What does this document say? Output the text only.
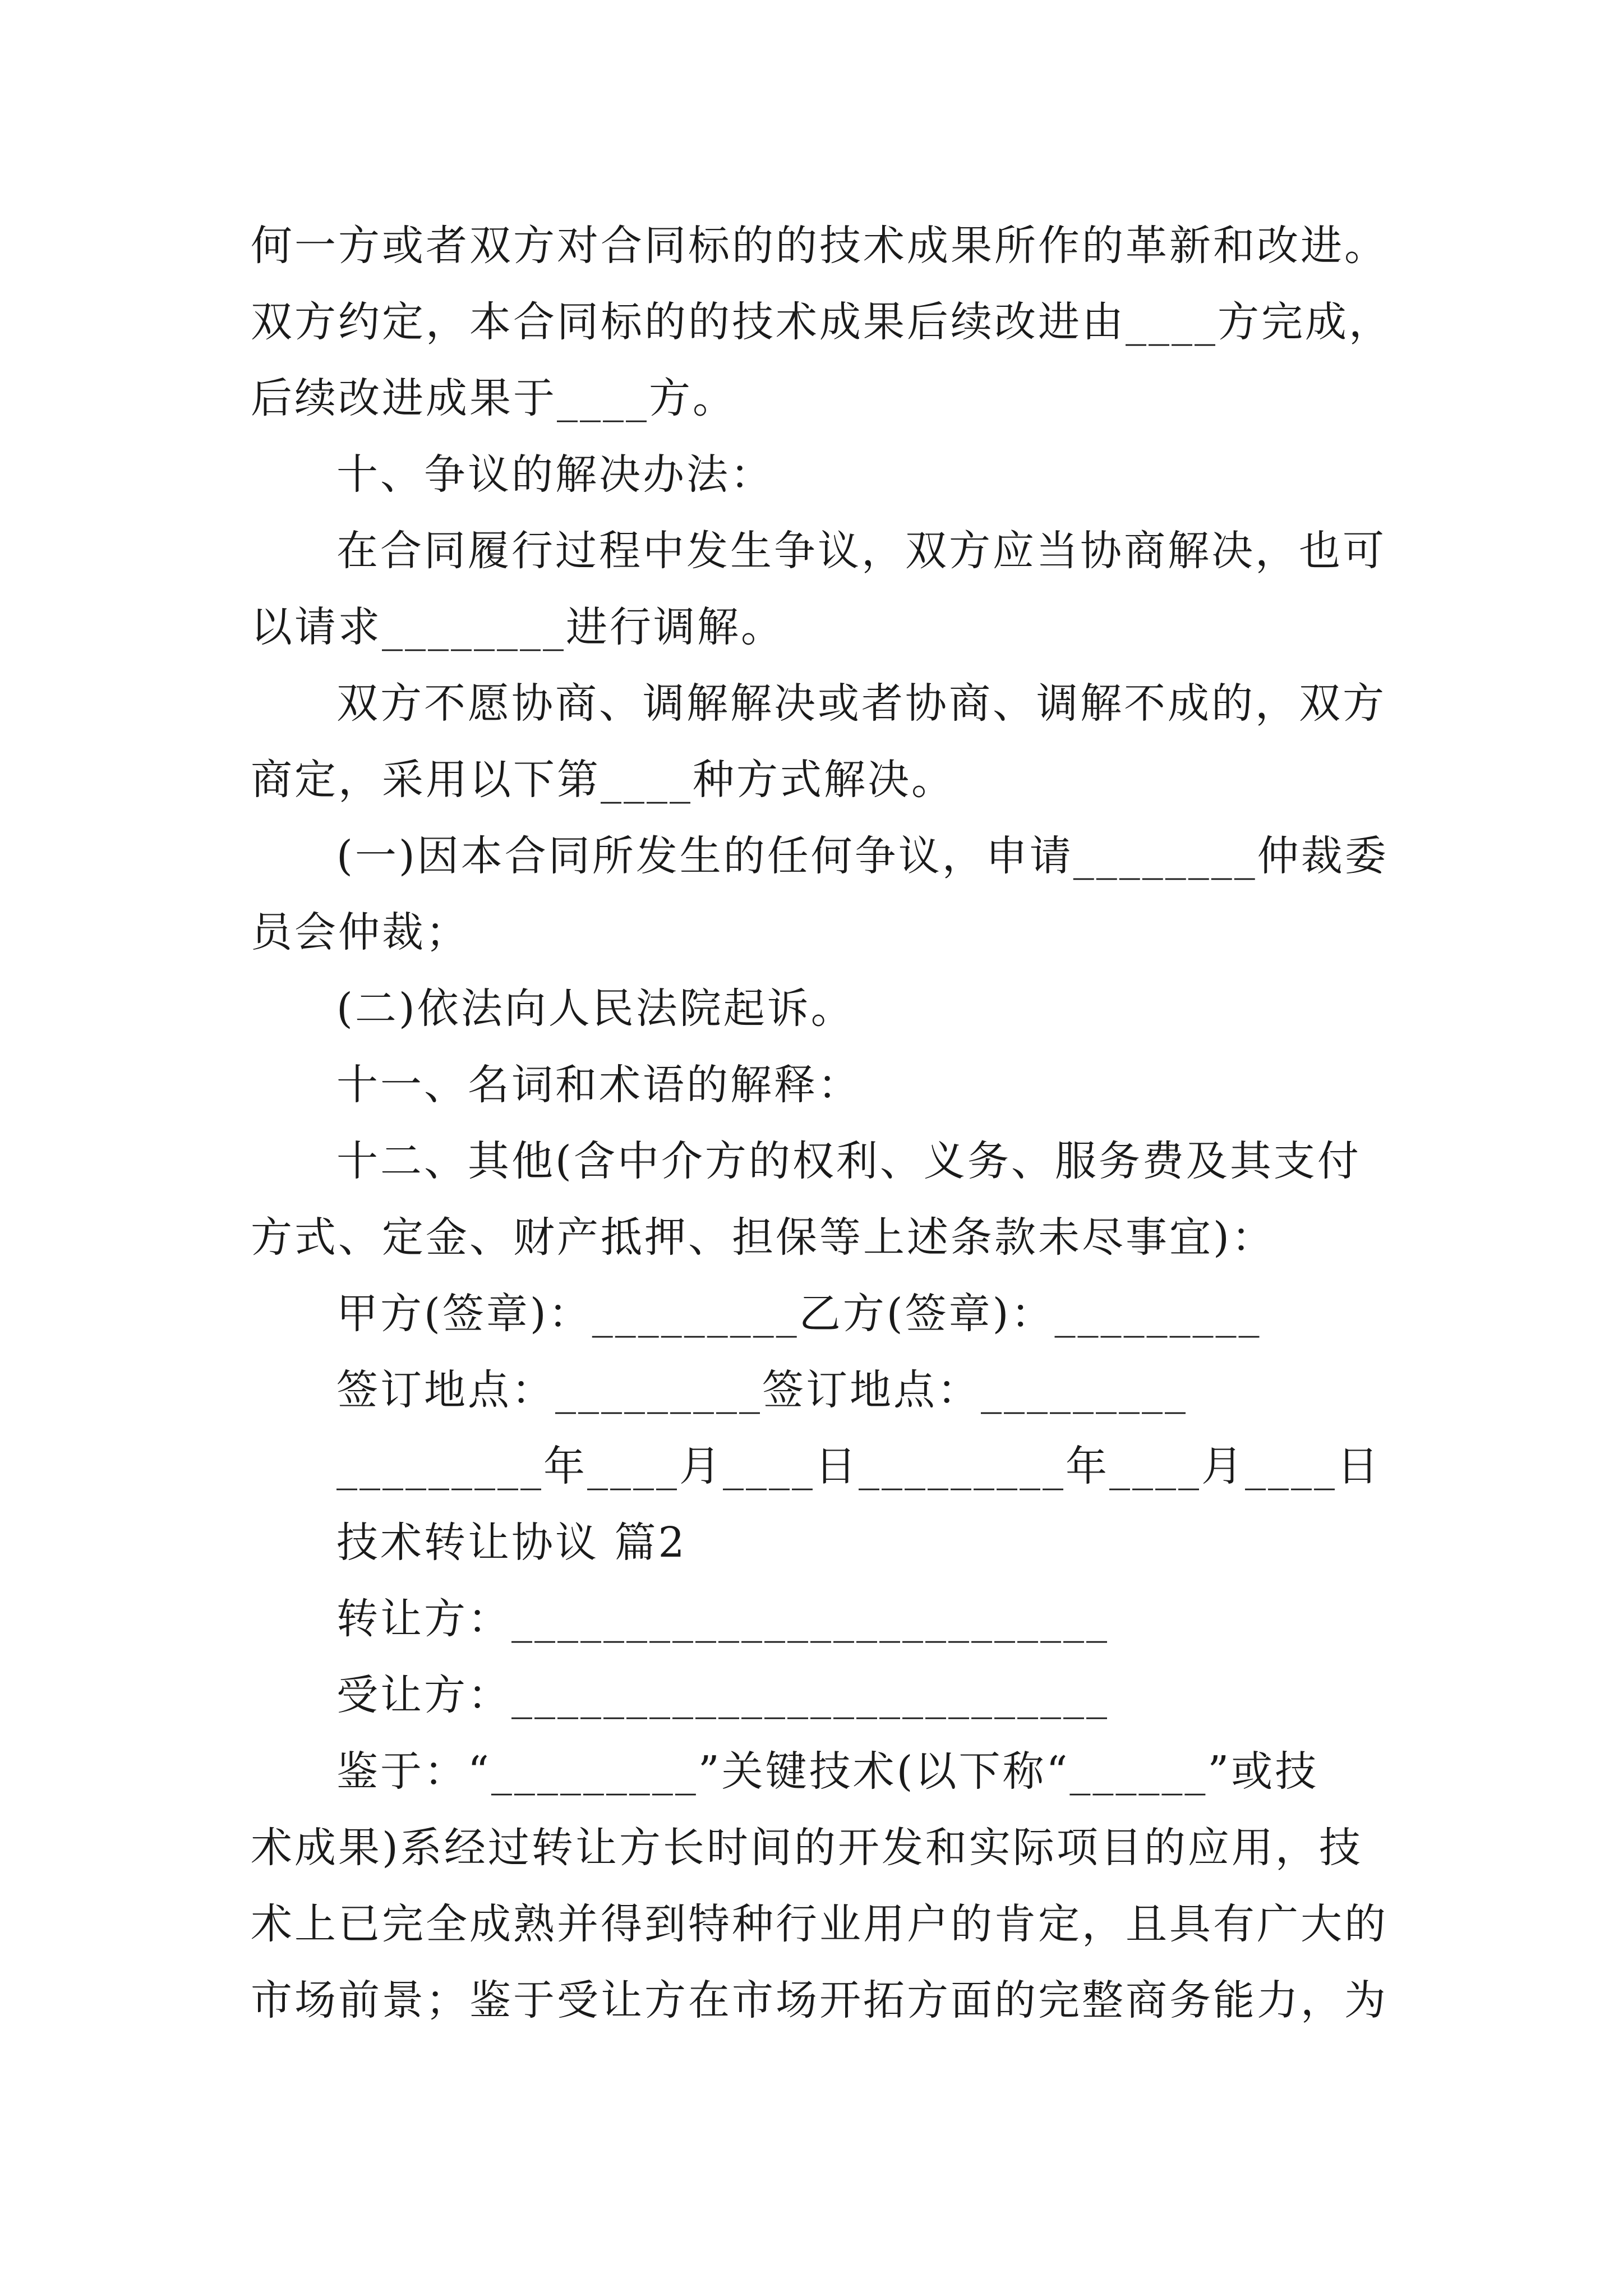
何一方或者双方对合同标的的技术成果所作的革新和改进。
双方约定，本合同标的的技术成果后续改进由____方完成，
后续改进成果于____方。
十、争议的解决办法：
在合同履行过程中发生争议，双方应当协商解决，也可
以请求________进行调解。
双方不愿协商、调解解决或者协商、调解不成的，双方
商定，采用以下第____种方式解决。
(一)因本合同所发生的任何争议，申请________仲裁委
员会仲裁；
(二)依法向人民法院起诉。
十一、名词和术语的解释：
十二、其他(含中介方的权利、义务、服务费及其支付
方式、定金、财产抵押、担保等上述条款未尽事宜)：
甲方(签章)：_________乙方(签章)：_________
签订地点：_________签订地点：_________
_________年____月____日_________年____月____日
技术转让协议 篇2
转让方：__________________________
受让方：__________________________
鉴于：“_________”关键技术(以下称“______”或技
术成果)系经过转让方长时间的开发和实际项目的应用，技
术上已完全成熟并得到特种行业用户的肯定，且具有广大的
市场前景；鉴于受让方在市场开拓方面的完整商务能力，为
